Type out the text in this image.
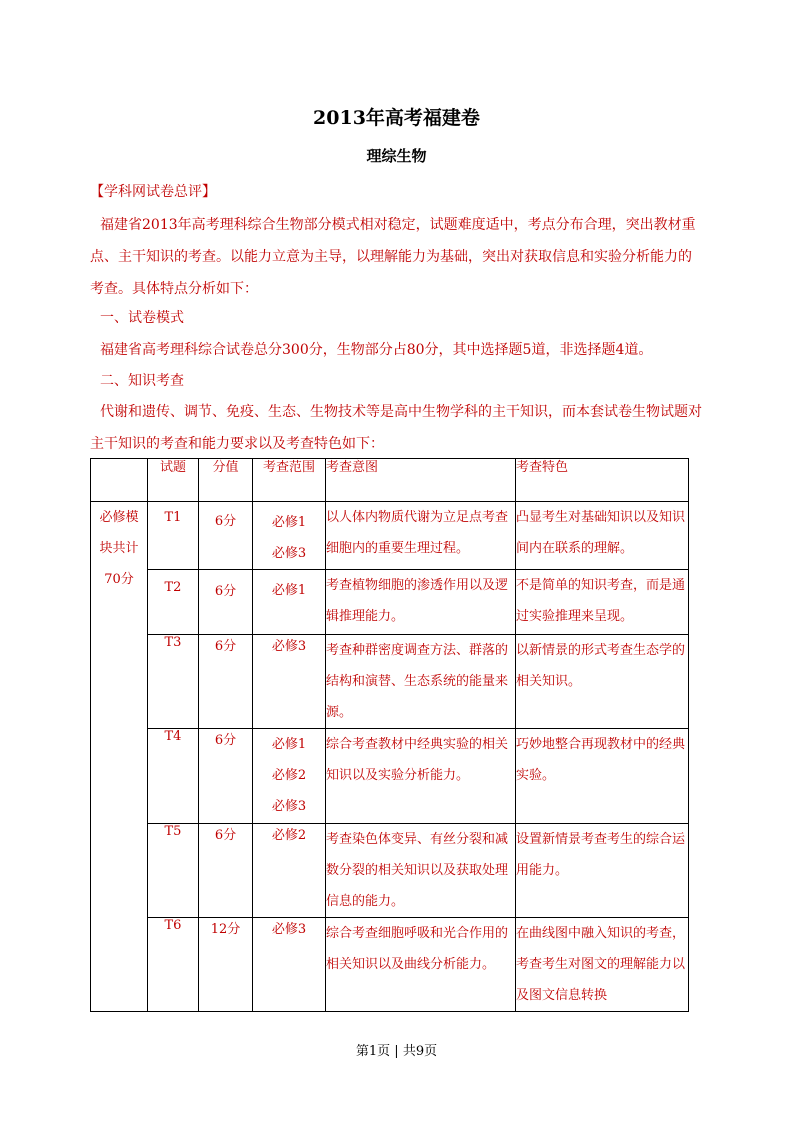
2013年高考福建卷
理综生物
【学科网试卷总评】
福建省2013年高考理科综合生物部分模式相对稳定，试题难度适中，考点分布合理，突出教材重点、主干知识的考查。以能力立意为主导，以理解能力为基础，突出对获取信息和实验分析能力的考查。具体特点分析如下：
一、试卷模式
福建省高考理科综合试卷总分300分，生物部分占80分，其中选择题5道，非选择题4道。
二、知识考查
代谢和遗传、调节、免疫、生态、生物技术等是高中生物学科的主干知识，而本套试卷生物试题对主干知识的考查和能力要求以及考查特色如下：
	试题	分值	考查范围	考查意图	考查特色
必修模块共计70分	T1	6分	必修1 必修3	以人体内物质代谢为立足点考查细胞内的重要生理过程。	凸显考生对基础知识以及知识间内在联系的理解。
	T2	6分	必修1	考查植物细胞的渗透作用以及逻辑推理能力。	不是简单的知识考查，而是通过实验推理来呈现。
	T3	6分	必修3	考查种群密度调查方法、群落的结构和演替、生态系统的能量来源。	以新情景的形式考查生态学的相关知识。
	T4	6分	必修1 必修2 必修3	综合考查教材中经典实验的相关知识以及实验分析能力。	巧妙地整合再现教材中的经典实验。
	T5	6分	必修2	考查染色体变异、有丝分裂和减数分裂的相关知识以及获取处理信息的能力。	设置新情景考查考生的综合运用能力。
	T6	12分	必修3	综合考查细胞呼吸和光合作用的相关知识以及曲线分析能力。	在曲线图中融入知识的考查，考查考生对图文的理解能力以及图文信息转换
第1页 | 共9页
